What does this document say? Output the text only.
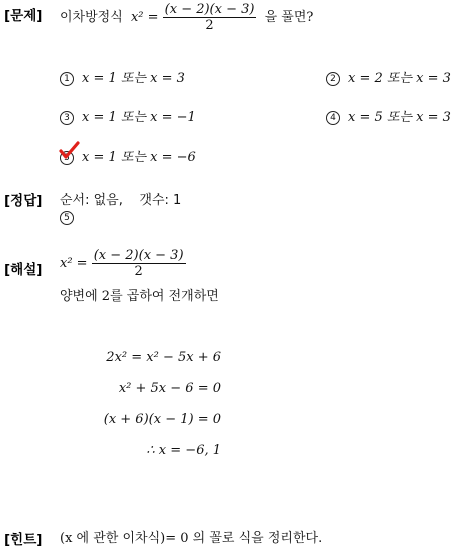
[문제] 이차방정식 $x^2 = \frac{(x - 2)(x - 3)}{2}$ 을 풀면?
1 x = 1 또는 x = 3	2 x = 2 또는 x = 3
3 x = 1 또는 x = −1	4 x = 5 또는 x = 3
5 x = 1 또는 x = −6
[정답] 순서: 없음,    갯수: 1
5
[해설] $x^2 = \frac{(x - 2)(x - 3)}{2}$
양변에 2를 곱하여 전개하면
2x² = x² − 5x + 6
x² + 5x − 6 = 0
(x + 6)(x − 1) = 0
∴ x = −6, 1
[힌트] (x 에 관한 이차식)= 0 의 꼴로 식을 정리한다.
